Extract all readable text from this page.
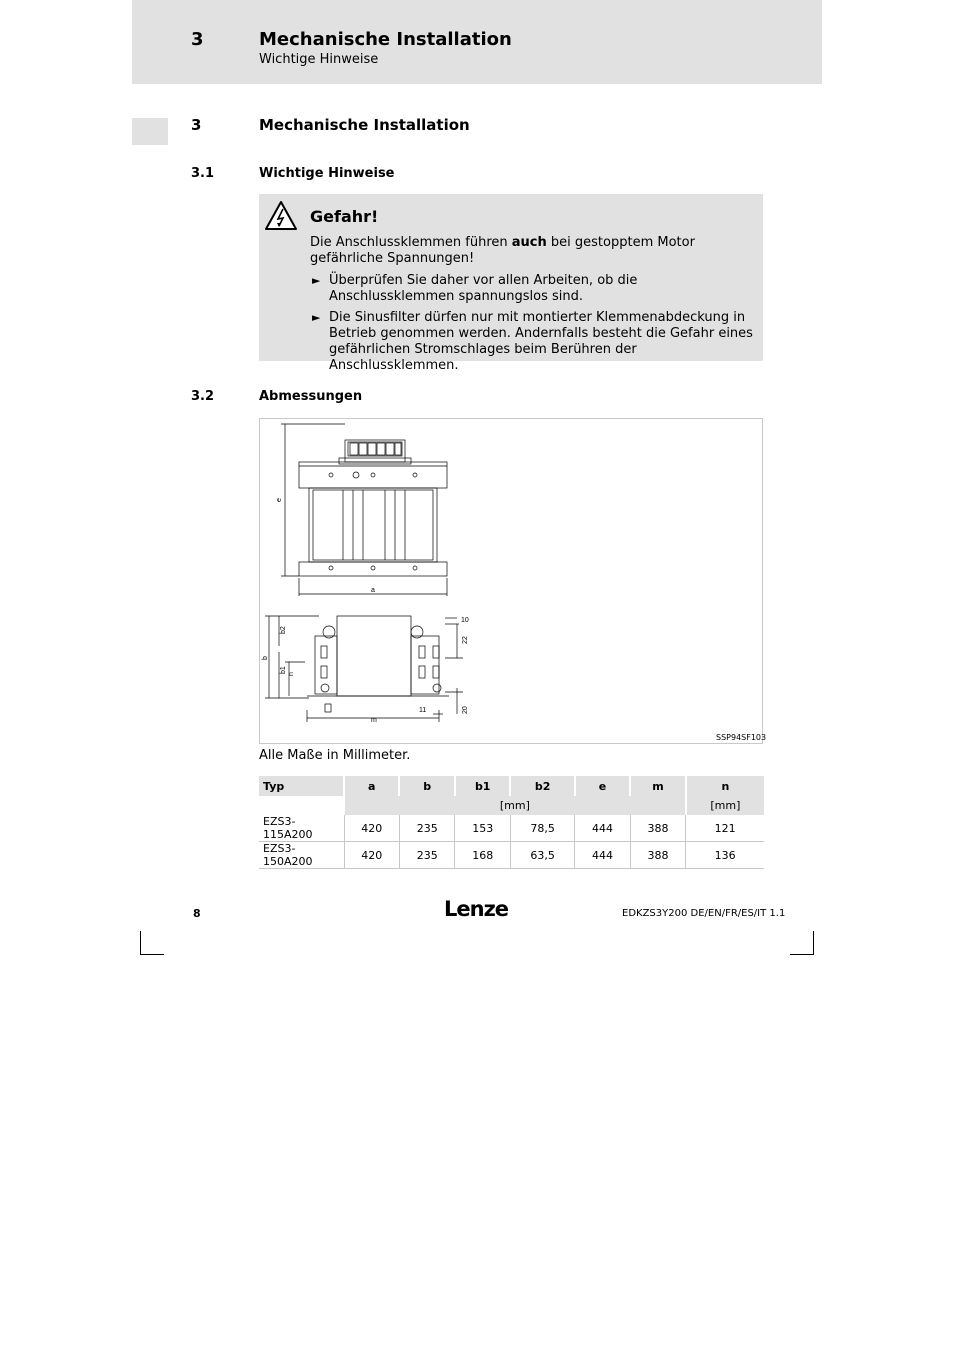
3	Mechanische Installation
Wichtige Hinweise
3	Mechanische Installation
3.1	Wichtige Hinweise
Gefahr!
Die Anschlussklemmen führen auch bei gestopptem Motor gefährliche Spannungen!
► Überprüfen Sie daher vor allen Arbeiten, ob die Anschlussklemmen spannungslos sind.
► Die Sinusfilter dürfen nur mit montierter Klemmenabdeckung in Betrieb genommen werden. Andernfalls besteht die Gefahr eines gefährlichen Stromschlages beim Berühren der Anschlussklemmen.
3.2	Abmessungen
e
a
b
b2
b1
n
m
10
22
20
11
SSP94SF103
Alle Maße in Millimeter.
Typ	a	b	b1	b2	e	m	n
	[mm]						[mm]
EZS3-115A200	420	235	153	78,5	444	388	121
EZS3-150A200	420	235	168	63,5	444	388	136
8	Lenze	EDKZS3Y200 DE/EN/FR/ES/IT 1.1
